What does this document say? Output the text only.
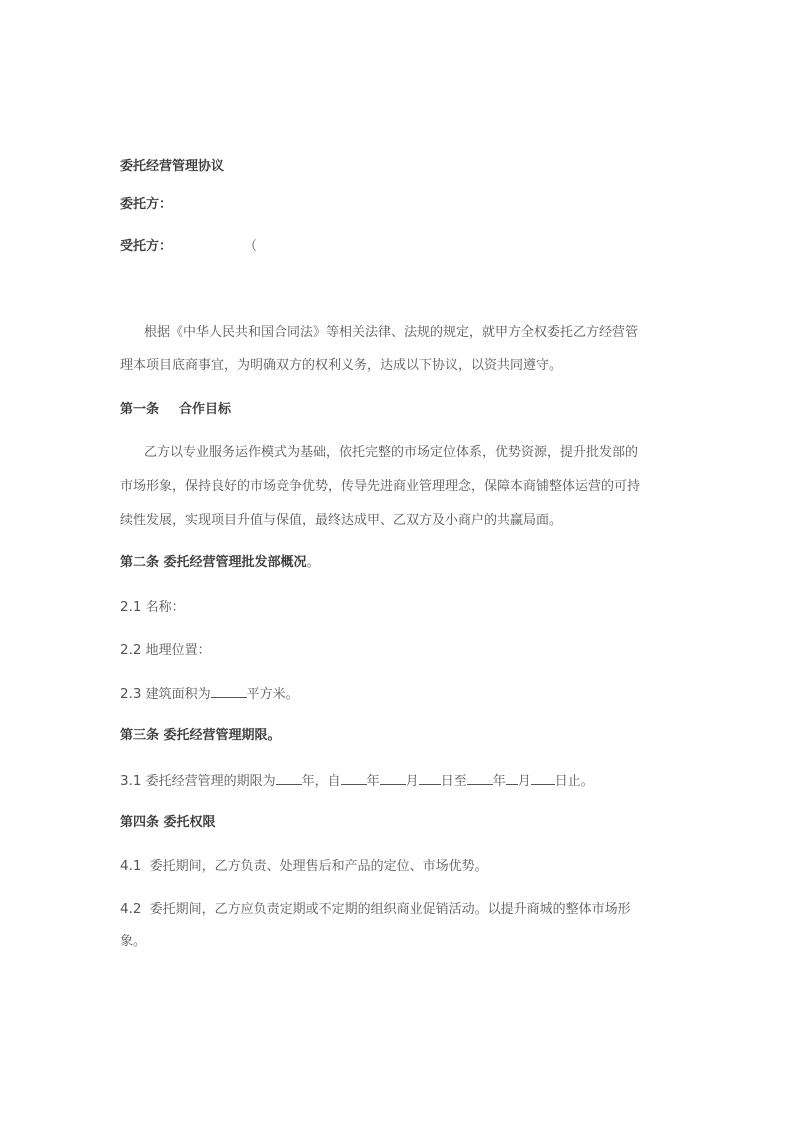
委托经营管理协议
委托方：
受托方：	（
根据《中华人民共和国合同法》等相关法律、法规的规定，就甲方全权委托乙方经营管
理本项目底商事宜，为明确双方的权利义务，达成以下协议，以资共同遵守。
第一条 合作目标
乙方以专业服务运作模式为基础，依托完整的市场定位体系，优势资源，提升批发部的
市场形象，保持良好的市场竞争优势，传导先进商业管理理念，保障本商铺整体运营的可持
续性发展，实现项目升值与保值，最终达成甲、乙双方及小商户的共赢局面。
第二条 委托经营管理批发部概况。
2.1 名称：
2.2 地理位置：
2.3 建筑面积为	平方米。
第三条 委托经营管理期限。
3.1 委托经营管理的期限为 年，自 年 月 日至 年 月 日止。
第四条 委托权限
4.1 委托期间，乙方负责、处理售后和产品的定位、市场优势。
4.2 委托期间，乙方应负责定期或不定期的组织商业促销活动。以提升商城的整体市场形
象。
